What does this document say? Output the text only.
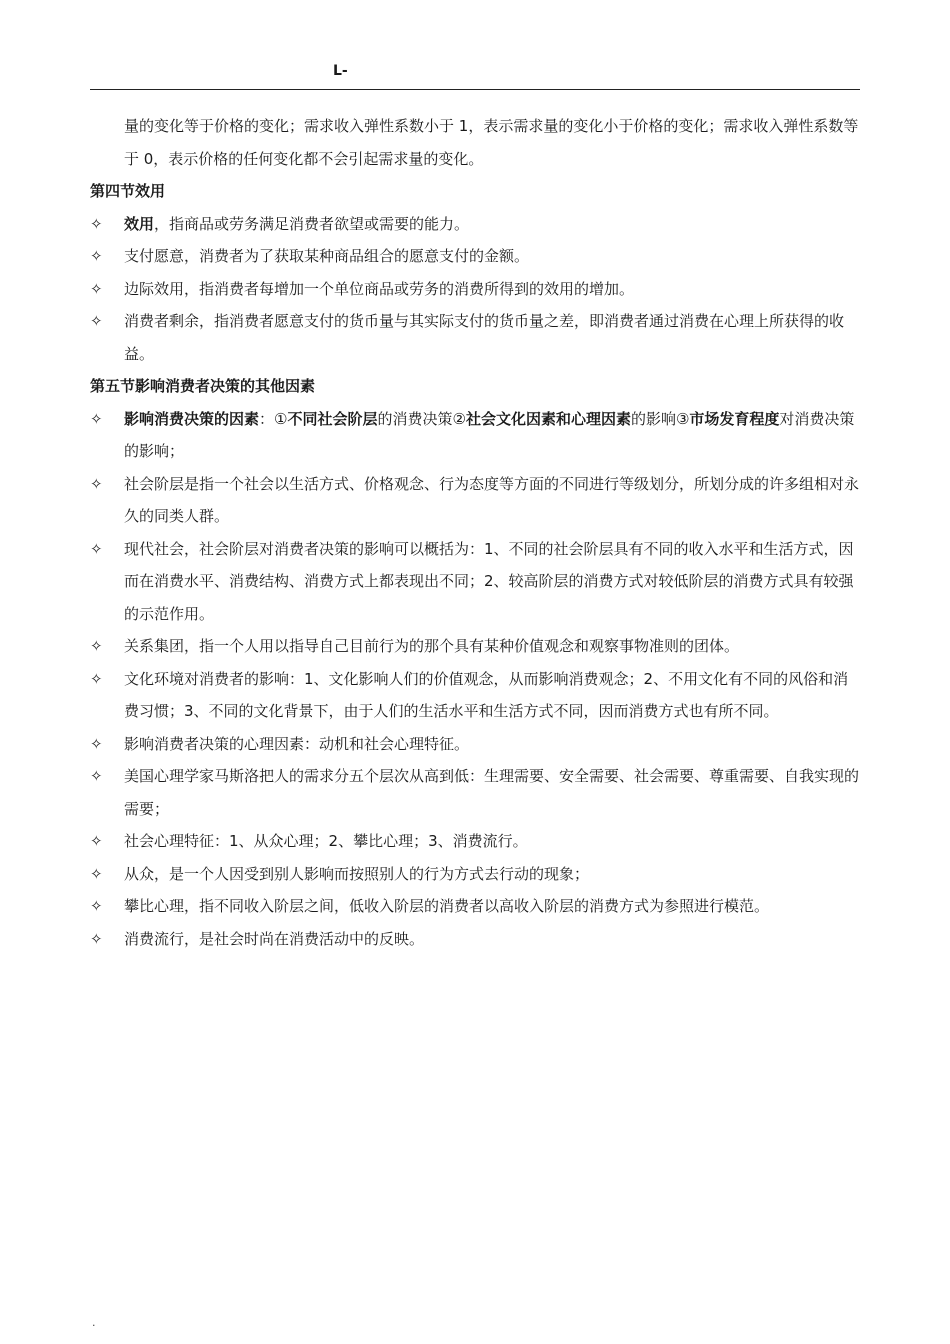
L-
量的变化等于价格的变化；需求收入弹性系数小于 1，表示需求量的变化小于价格的变化；需求收入弹性系数等于 0，表示价格的任何变化都不会引起需求量的变化。
第四节效用
✧	效用，指商品或劳务满足消费者欲望或需要的能力。
✧	支付愿意，消费者为了获取某种商品组合的愿意支付的金额。
✧	边际效用，指消费者每增加一个单位商品或劳务的消费所得到的效用的增加。
✧	消费者剩余，指消费者愿意支付的货币量与其实际支付的货币量之差，即消费者通过消费在心理上所获得的收益。
第五节影响消费者决策的其他因素
✧	影响消费决策的因素：①不同社会阶层的消费决策②社会文化因素和心理因素的影响③市场发育程度对消费决策的影响；
✧	社会阶层是指一个社会以生活方式、价格观念、行为态度等方面的不同进行等级划分，所划分成的许多组相对永久的同类人群。
✧	现代社会，社会阶层对消费者决策的影响可以概括为：1、不同的社会阶层具有不同的收入水平和生活方式，因而在消费水平、消费结构、消费方式上都表现出不同；2、较高阶层的消费方式对较低阶层的消费方式具有较强的示范作用。
✧	关系集团，指一个人用以指导自己目前行为的那个具有某种价值观念和观察事物准则的团体。
✧	文化环境对消费者的影响：1、文化影响人们的价值观念，从而影响消费观念；2、不用文化有不同的风俗和消费习惯；3、不同的文化背景下，由于人们的生活水平和生活方式不同，因而消费方式也有所不同。
✧	影响消费者决策的心理因素：动机和社会心理特征。
✧	美国心理学家马斯洛把人的需求分五个层次从高到低：生理需要、安全需要、社会需要、尊重需要、自我实现的需要；
✧	社会心理特征：1、从众心理；2、攀比心理；3、消费流行。
✧	从众，是一个人因受到别人影响而按照别人的行为方式去行动的现象；
✧	攀比心理，指不同收入阶层之间，低收入阶层的消费者以高收入阶层的消费方式为参照进行模范。
✧	消费流行，是社会时尚在消费活动中的反映。
.
